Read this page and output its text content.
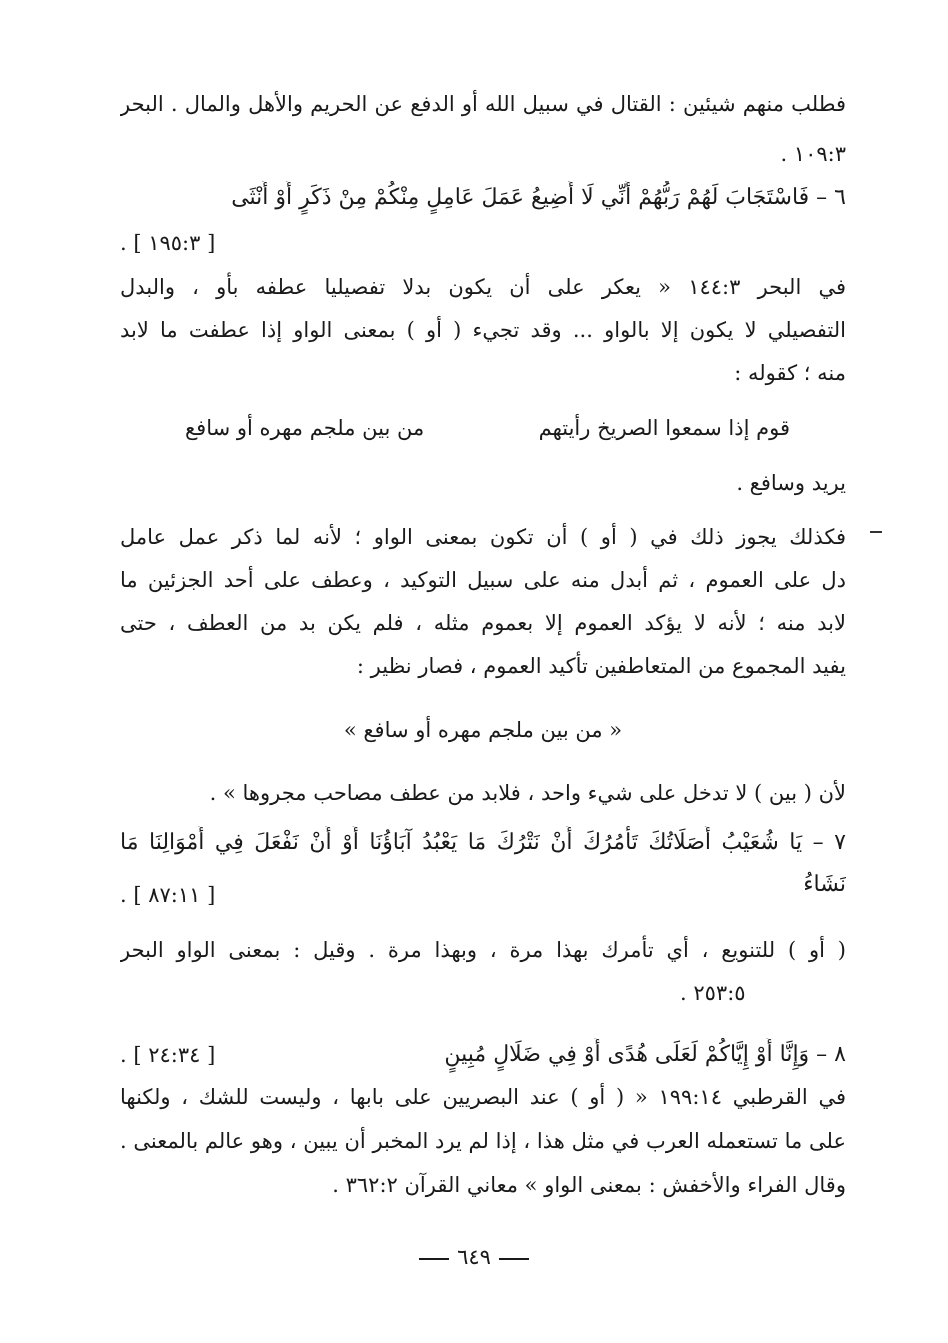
فطلب منهم شيئين : القتال في سبيل الله أو الدفع عن الحريم والأهل والمال . البحر
١٠٩:٣ .
٦ – فَاسْتَجَابَ لَهُمْ رَبُّهُمْ أَنِّي لَا أُضِيعُ عَمَلَ عَامِلٍ مِنْكُمْ مِنْ ذَكَرٍ أَوْ أُنْثَى
[ ١٩٥:٣ ] .
في البحر ١٤٤:٣ « يعكر على أن يكون بدلا تفصيليا عطفه بأو ، والبدل
التفصيلي لا يكون إلا بالواو ... وقد تجيء ( أو ) بمعنى الواو إذا عطفت ما لابد
منه ؛ كقوله :
قوم إذا سمعوا الصريخ رأيتهم
من بين ملجم مهره أو سافع
يريد وسافع .
فكذلك يجوز ذلك في ( أو ) أن تكون بمعنى الواو ؛ لأنه لما ذكر عمل عامل
دل على العموم ، ثم أبدل منه على سبيل التوكيد ، وعطف على أحد الجزئين ما
لابد منه ؛ لأنه لا يؤكد العموم إلا بعموم مثله ، فلم يكن بد من العطف ، حتى
يفيد المجموع من المتعاطفين تأكيد العموم ، فصار نظير :
« من بين ملجم مهره أو سافع »
لأن ( بين ) لا تدخل على شيء واحد ، فلابد من عطف مصاحب مجروها » .
٧ – يَا شُعَيْبُ أَصَلَاتُكَ تَأْمُرُكَ أَنْ نَتْرُكَ مَا يَعْبُدُ آبَاؤُنَا أَوْ أَنْ نَفْعَلَ فِي أَمْوَالِنَا مَا
نَشَاءُ
[ ٨٧:١١ ] .
( أو ) للتنويع ، أي تأمرك بهذا مرة ، وبهذا مرة . وقيل : بمعنى الواو البحر
٢٥٣:٥ .
٨ – وَإِنَّا أَوْ إِيَّاكُمْ لَعَلَى هُدًى أَوْ فِي ضَلَالٍ مُبِينٍ
[ ٢٤:٣٤ ] .
في القرطبي ١٩٩:١٤ « ( أو ) عند البصريين على بابها ، وليست للشك ، ولكنها
على ما تستعمله العرب في مثل هذا ، إذا لم يرد المخبر أن يبين ، وهو عالم بالمعنى .
وقال الفراء والأخفش : بمعنى الواو » معاني القرآن ٣٦٢:٢ .
٦٤٩
